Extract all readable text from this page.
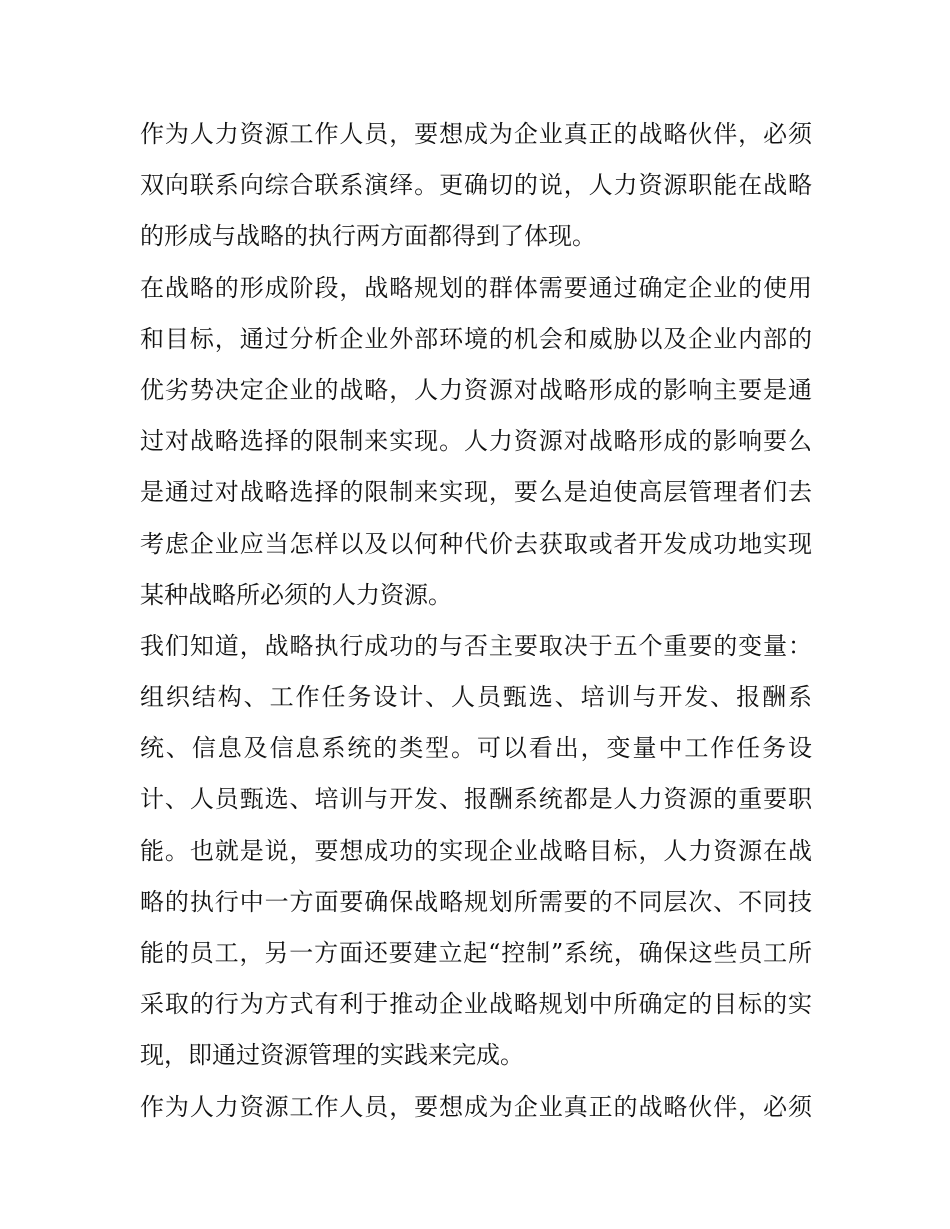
作为人力资源工作人员，要想成为企业真正的战略伙伴，必须
双向联系向综合联系演绎。更确切的说，人力资源职能在战略
的形成与战略的执行两方面都得到了体现。
在战略的形成阶段，战略规划的群体需要通过确定企业的使用
和目标，通过分析企业外部环境的机会和威胁以及企业内部的
优劣势决定企业的战略，人力资源对战略形成的影响主要是通
过对战略选择的限制来实现。人力资源对战略形成的影响要么
是通过对战略选择的限制来实现，要么是迫使高层管理者们去
考虑企业应当怎样以及以何种代价去获取或者开发成功地实现
某种战略所必须的人力资源。
我们知道，战略执行成功的与否主要取决于五个重要的变量：
组织结构、工作任务设计、人员甄选、培训与开发、报酬系
统、信息及信息系统的类型。可以看出，变量中工作任务设
计、人员甄选、培训与开发、报酬系统都是人力资源的重要职
能。也就是说，要想成功的实现企业战略目标，人力资源在战
略的执行中一方面要确保战略规划所需要的不同层次、不同技
能的员工，另一方面还要建立起“控制”系统，确保这些员工所
采取的行为方式有利于推动企业战略规划中所确定的目标的实
现，即通过资源管理的实践来完成。
作为人力资源工作人员，要想成为企业真正的战略伙伴，必须
